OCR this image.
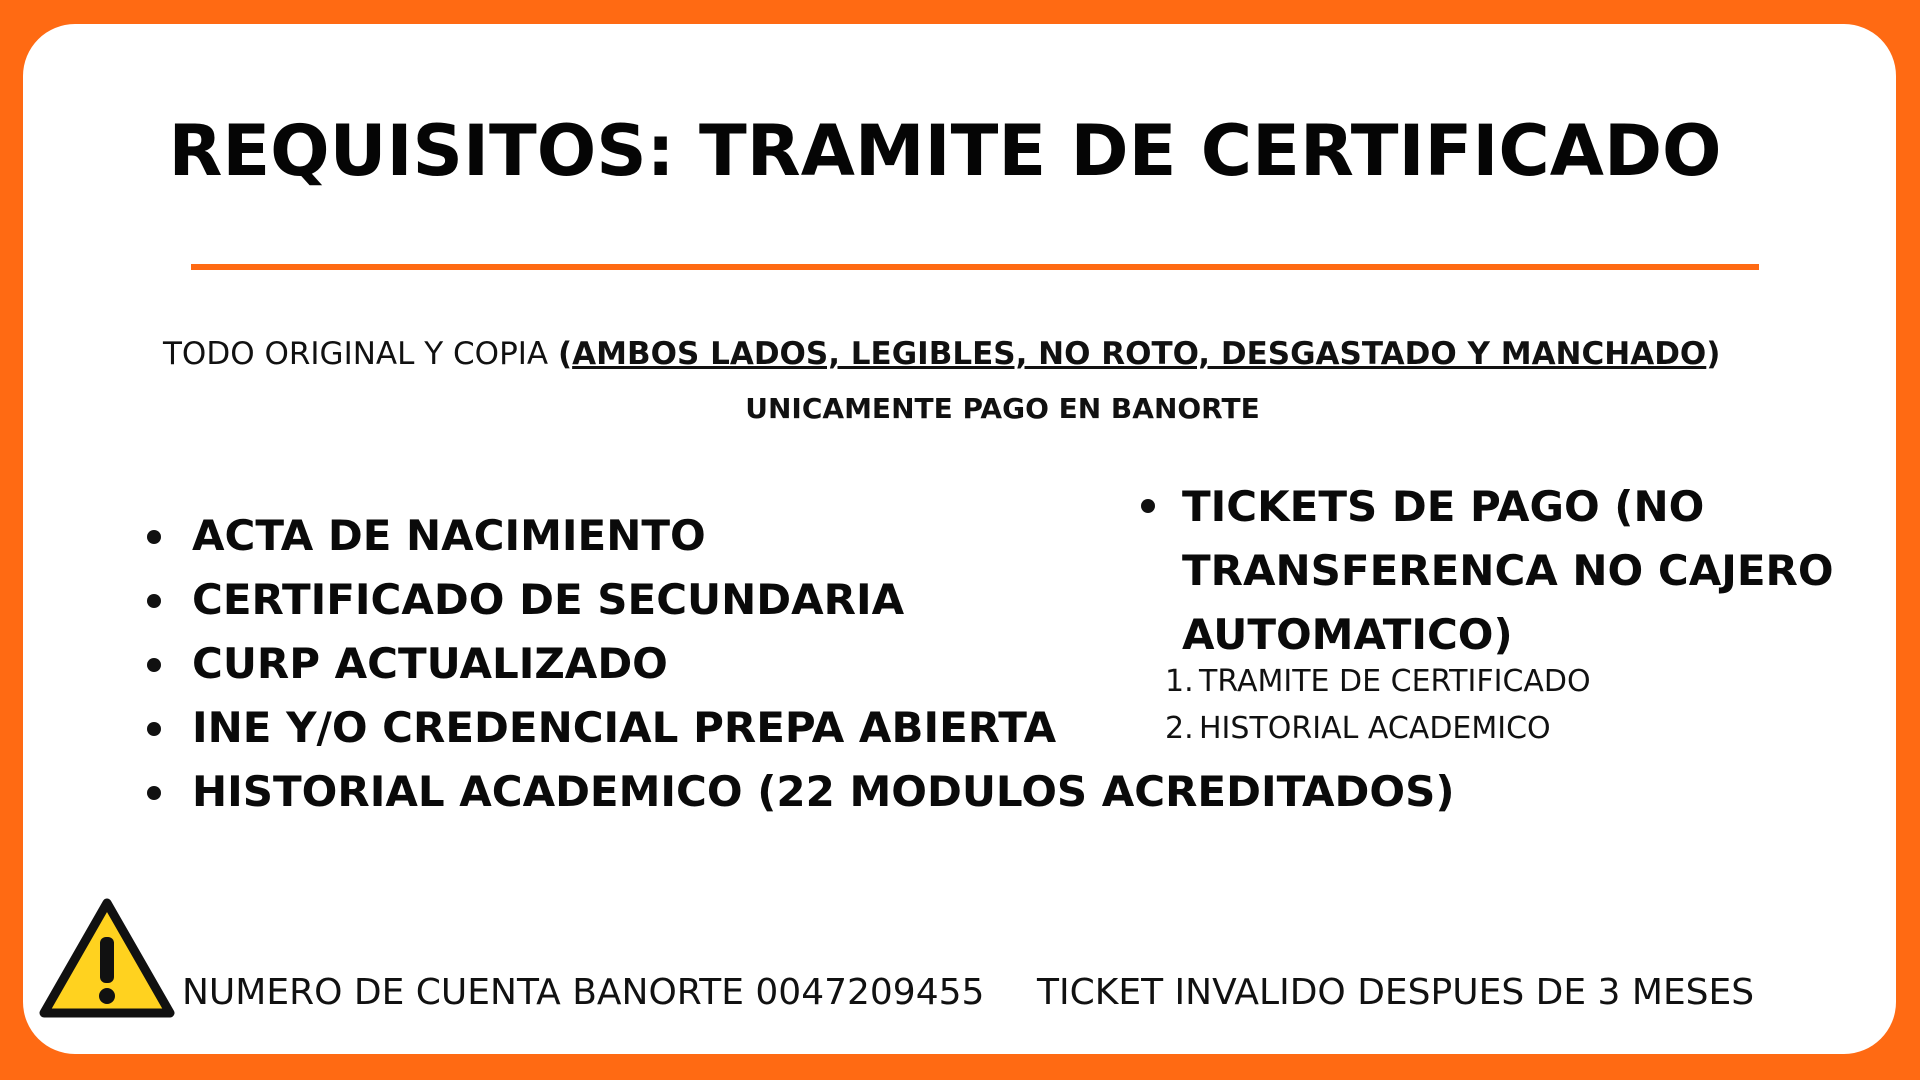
REQUISITOS: TRAMITE DE CERTIFICADO
TODO ORIGINAL Y COPIA (AMBOS LADOS, LEGIBLES, NO ROTO, DESGASTADO Y MANCHADO)
UNICAMENTE PAGO EN BANORTE
ACTA DE NACIMIENTO
CERTIFICADO DE SECUNDARIA
CURP ACTUALIZADO
INE Y/O CREDENCIAL PREPA ABIERTA
HISTORIAL ACADEMICO (22 MODULOS ACREDITADOS)
TICKETS DE PAGO (NO TRANSFERENCA NO CAJERO AUTOMATICO)
1. TRAMITE DE CERTIFICADO
2. HISTORIAL ACADEMICO
NUMERO DE CUENTA BANORTE 0047209455 TICKET INVALIDO DESPUES DE 3 MESES
